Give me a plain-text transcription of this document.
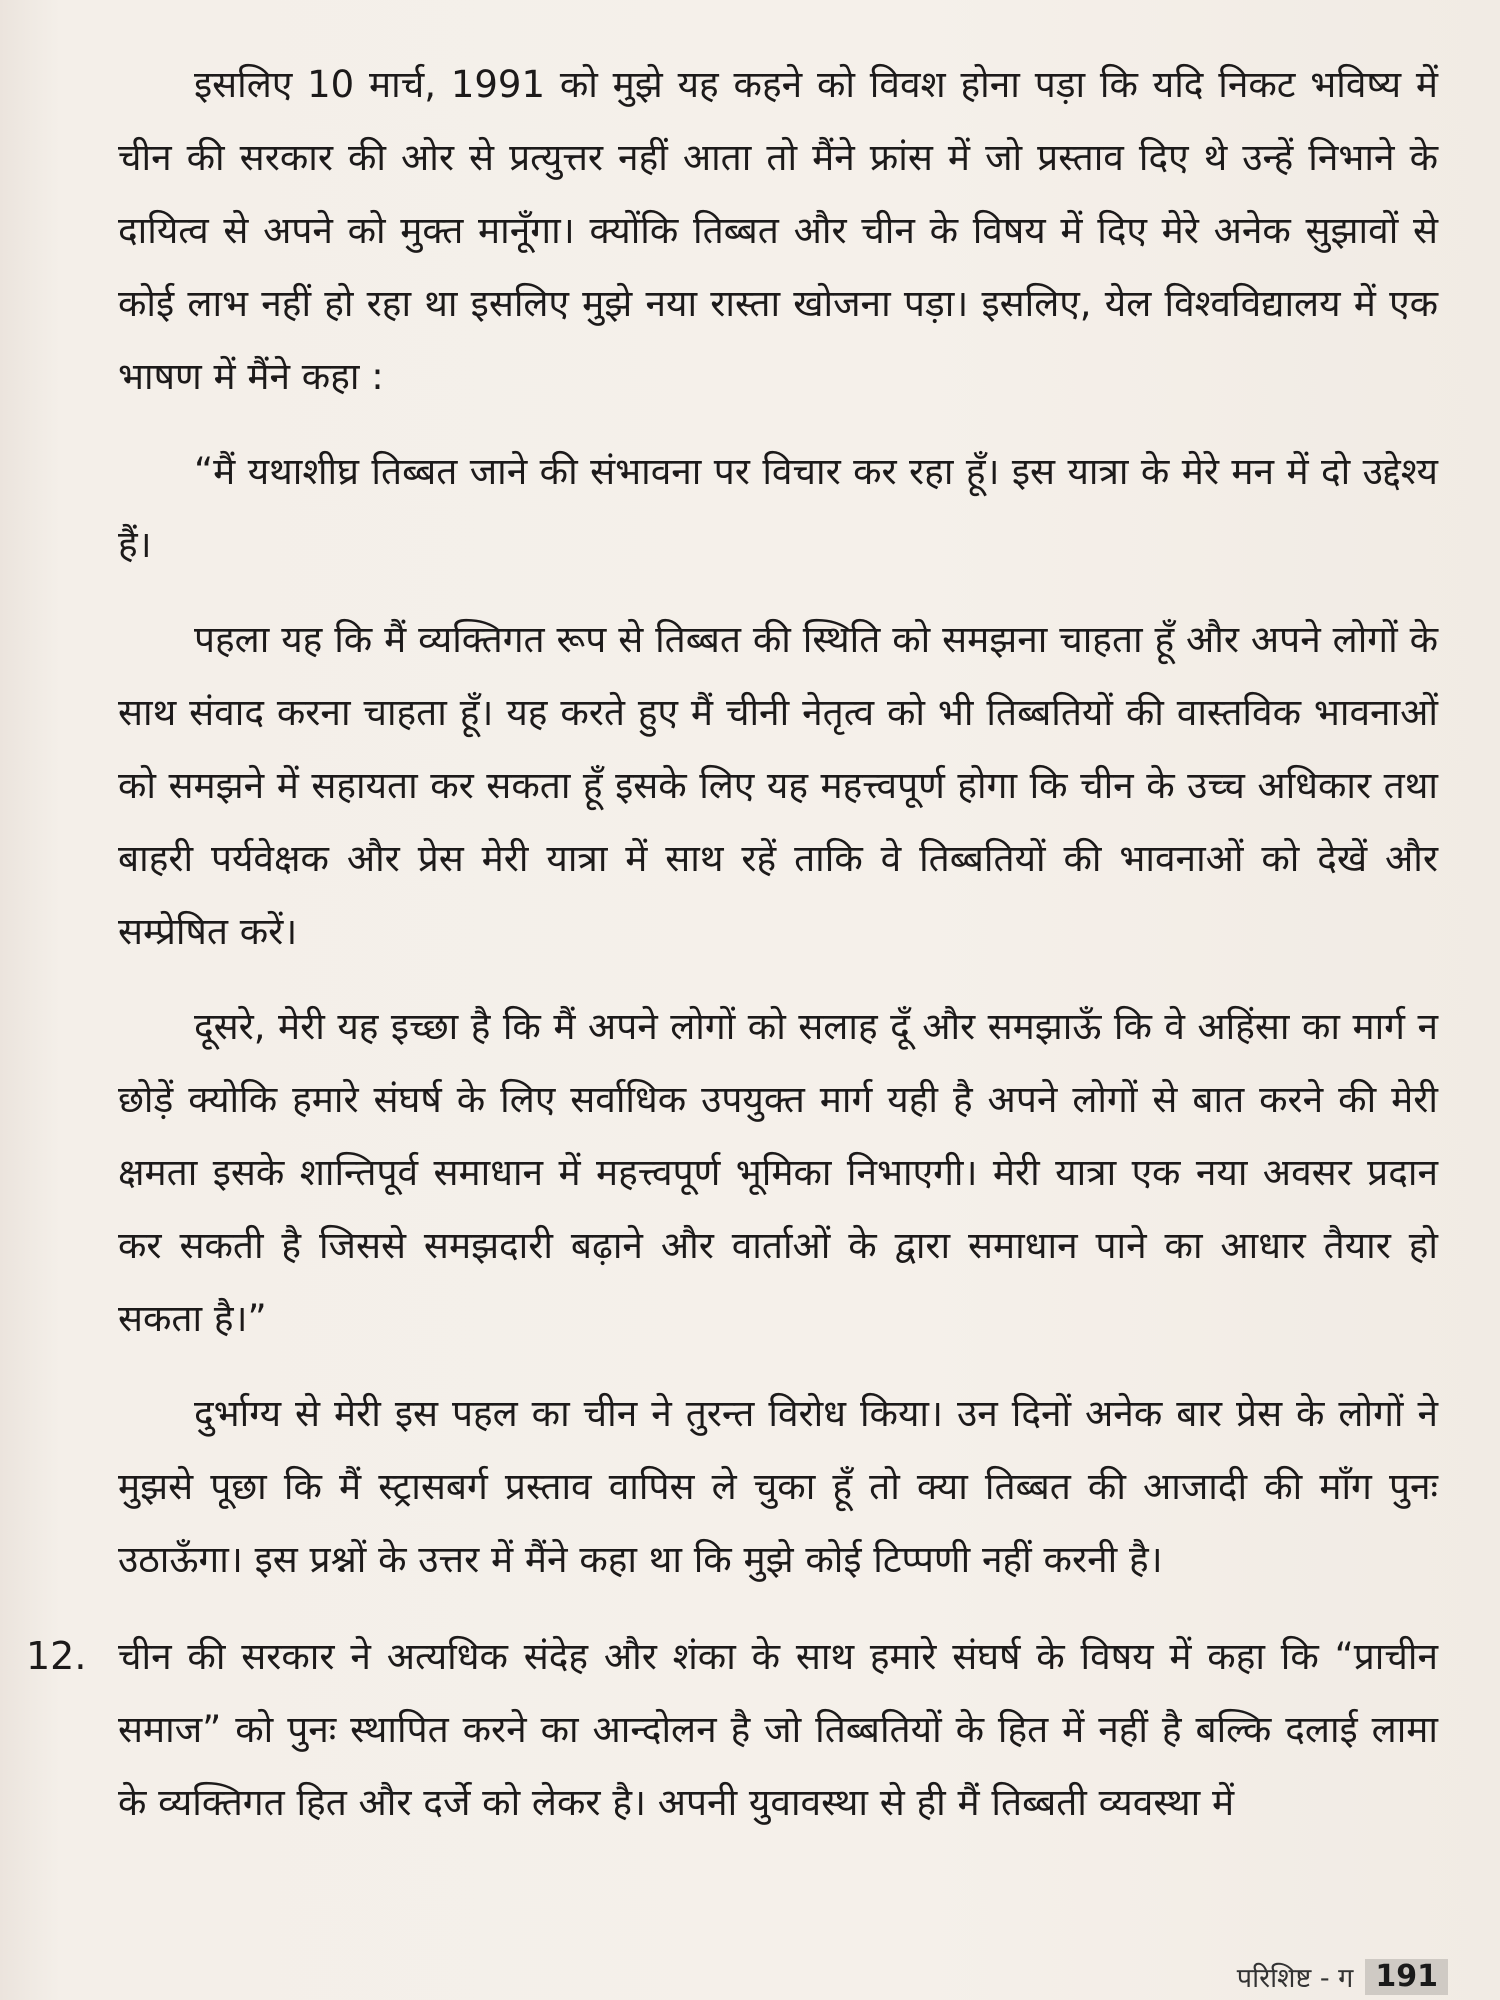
इसलिए 10 मार्च, 1991 को मुझे यह कहने को विवश होना पड़ा कि यदि निकट भविष्य में चीन की सरकार की ओर से प्रत्युत्तर नहीं आता तो मैंने फ्रांस में जो प्रस्ताव दिए थे उन्हें निभाने के दायित्व से अपने को मुक्त मानूँगा। क्योंकि तिब्बत और चीन के विषय में दिए मेरे अनेक सुझावों से कोई लाभ नहीं हो रहा था इसलिए मुझे नया रास्ता खोजना पड़ा। इसलिए, येल विश्वविद्यालय में एक भाषण में मैंने कहा :

“मैं यथाशीघ्र तिब्बत जाने की संभावना पर विचार कर रहा हूँ। इस यात्रा के मेरे मन में दो उद्देश्य हैं।

पहला यह कि मैं व्यक्तिगत रूप से तिब्बत की स्थिति को समझना चाहता हूँ और अपने लोगों के साथ संवाद करना चाहता हूँ। यह करते हुए मैं चीनी नेतृत्व को भी तिब्बतियों की वास्तविक भावनाओं को समझने में सहायता कर सकता हूँ इसके लिए यह महत्त्वपूर्ण होगा कि चीन के उच्च अधिकार तथा बाहरी पर्यवेक्षक और प्रेस मेरी यात्रा में साथ रहें ताकि वे तिब्बतियों की भावनाओं को देखें और सम्प्रेषित करें।

दूसरे, मेरी यह इच्छा है कि मैं अपने लोगों को सलाह दूँ और समझाऊँ कि वे अहिंसा का मार्ग न छोड़ें क्योकि हमारे संघर्ष के लिए सर्वाधिक उपयुक्त मार्ग यही है अपने लोगों से बात करने की मेरी क्षमता इसके शान्तिपूर्व समाधान में महत्त्वपूर्ण भूमिका निभाएगी। मेरी यात्रा एक नया अवसर प्रदान कर सकती है जिससे समझदारी बढ़ाने और वार्ताओं के द्वारा समाधान पाने का आधार तैयार हो सकता है।”

दुर्भाग्य से मेरी इस पहल का चीन ने तुरन्त विरोध किया। उन दिनों अनेक बार प्रेस के लोगों ने मुझसे पूछा कि मैं स्ट्रासबर्ग प्रस्ताव वापिस ले चुका हूँ तो क्या तिब्बत की आजादी की माँग पुनः उठाऊँगा। इस प्रश्नों के उत्तर में मैंने कहा था कि मुझे कोई टिप्पणी नहीं करनी है।

12. चीन की सरकार ने अत्यधिक संदेह और शंका के साथ हमारे संघर्ष के विषय में कहा कि “प्राचीन समाज” को पुनः स्थापित करने का आन्दोलन है जो तिब्बतियों के हित में नहीं है बल्कि दलाई लामा के व्यक्तिगत हित और दर्जे को लेकर है। अपनी युवावस्था से ही मैं तिब्बती व्यवस्था में

परिशिष्ट - ग 191
